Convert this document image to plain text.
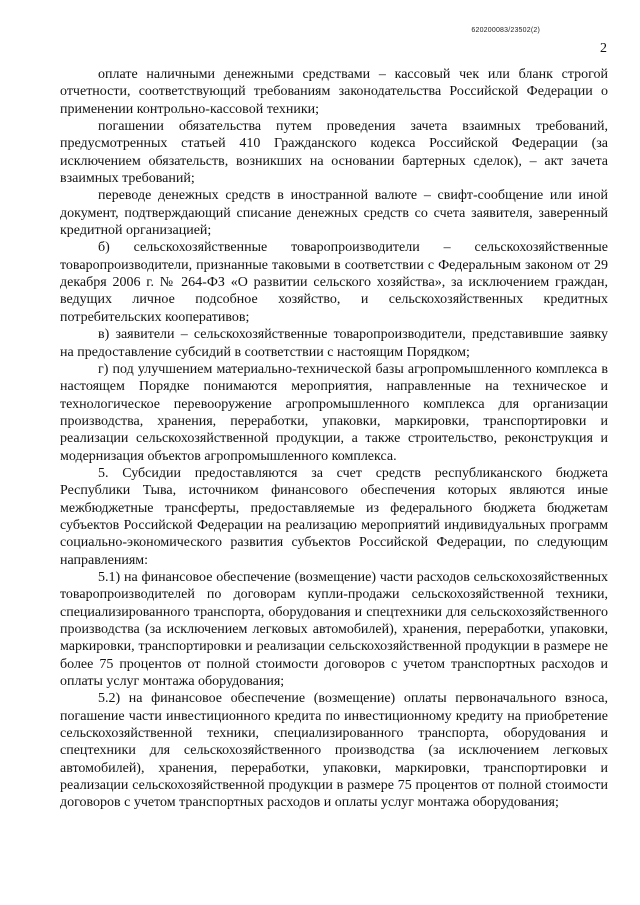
620200083/23502(2)
2

оплате наличными денежными средствами – кассовый чек или бланк строгой отчетности, соответствующий требованиям законодательства Российской Федерации о применении контрольно-кассовой техники;

погашении обязательства путем проведения зачета взаимных требований, предусмотренных статьей 410 Гражданского кодекса Российской Федерации (за исключением обязательств, возникших на основании бартерных сделок), – акт зачета взаимных требований;

переводе денежных средств в иностранной валюте – свифт-сообщение или иной документ, подтверждающий списание денежных средств со счета заявителя, заверенный кредитной организацией;

б) сельскохозяйственные товаропроизводители – сельскохозяйственные товаропроизводители, признанные таковыми в соответствии с Федеральным законом от 29 декабря 2006 г. № 264-ФЗ «О развитии сельского хозяйства», за исключением граждан, ведущих личное подсобное хозяйство, и сельскохозяйственных кредитных потребительских кооперативов;

в) заявители – сельскохозяйственные товаропроизводители, представившие заявку на предоставление субсидий в соответствии с настоящим Порядком;

г) под улучшением материально-технической базы агропромышленного комплекса в настоящем Порядке понимаются мероприятия, направленные на техническое и технологическое перевооружение агропромышленного комплекса для организации производства, хранения, переработки, упаковки, маркировки, транспортировки и реализации сельскохозяйственной продукции, а также строительство, реконструкция и модернизация объектов агропромышленного комплекса.

5. Субсидии предоставляются за счет средств республиканского бюджета Республики Тыва, источником финансового обеспечения которых являются иные межбюджетные трансферты, предоставляемые из федерального бюджета бюджетам субъектов Российской Федерации на реализацию мероприятий индивидуальных программ социально-экономического развития субъектов Российской Федерации, по следующим направлениям:

5.1) на финансовое обеспечение (возмещение) части расходов сельскохозяйственных товаропроизводителей по договорам купли-продажи сельскохозяйственной техники, специализированного транспорта, оборудования и спецтехники для сельскохозяйственного производства (за исключением легковых автомобилей), хранения, переработки, упаковки, маркировки, транспортировки и реализации сельскохозяйственной продукции в размере не более 75 процентов от полной стоимости договоров с учетом транспортных расходов и оплаты услуг монтажа оборудования;

5.2) на финансовое обеспечение (возмещение) оплаты первоначального взноса, погашение части инвестиционного кредита по инвестиционному кредиту на приобретение сельскохозяйственной техники, специализированного транспорта, оборудования и спецтехники для сельскохозяйственного производства (за исключением легковых автомобилей), хранения, переработки, упаковки, маркировки, транспортировки и реализации сельскохозяйственной продукции в размере 75 процентов от полной стоимости договоров с учетом транспортных расходов и оплаты услуг монтажа оборудования;
